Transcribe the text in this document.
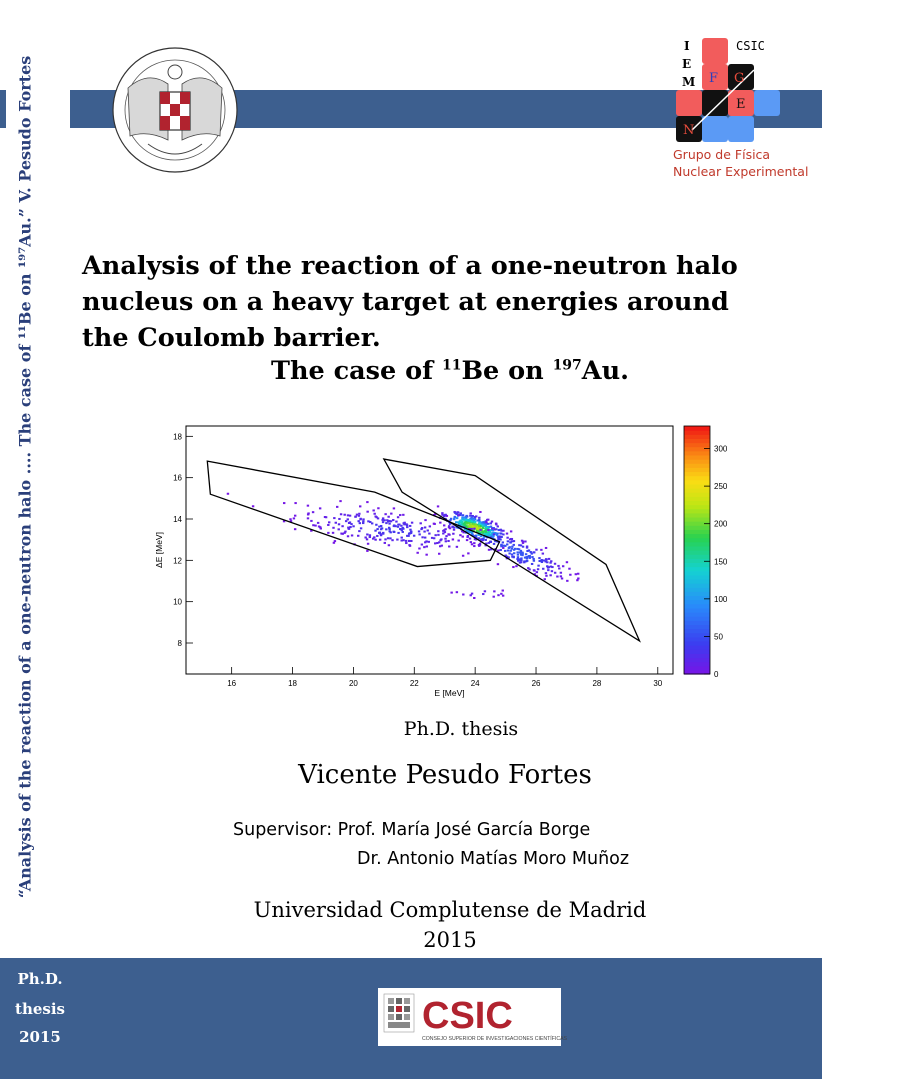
“Analysis of the reaction of a one-neutron halo .... The case of ¹¹Be on ¹⁹⁷Au.” V. Pesudo Fortes
Ph.D.
thesis
2015
I
E
M
CSIC
F G
E
N
Grupo de Física
Nuclear Experimental
Analysis of the reaction of a one-neutron halo
nucleus on a heavy target at energies around
the Coulomb barrier.
The case of $^{11}$Be on $^{197}$Au.
16	18	20	22	24	26	28	30
8
10
12
14
16
18
E [MeV]
ΔE [MeV]
0
50
100
150
200
250
300
Ph.D. thesis
Vicente Pesudo Fortes
Supervisor: Prof. María José García Borge
Dr. Antonio Matías Moro Muñoz
Universidad Complutense de Madrid
2015
CSIC
CONSEJO SUPERIOR DE INVESTIGACIONES CIENTÍFICAS
